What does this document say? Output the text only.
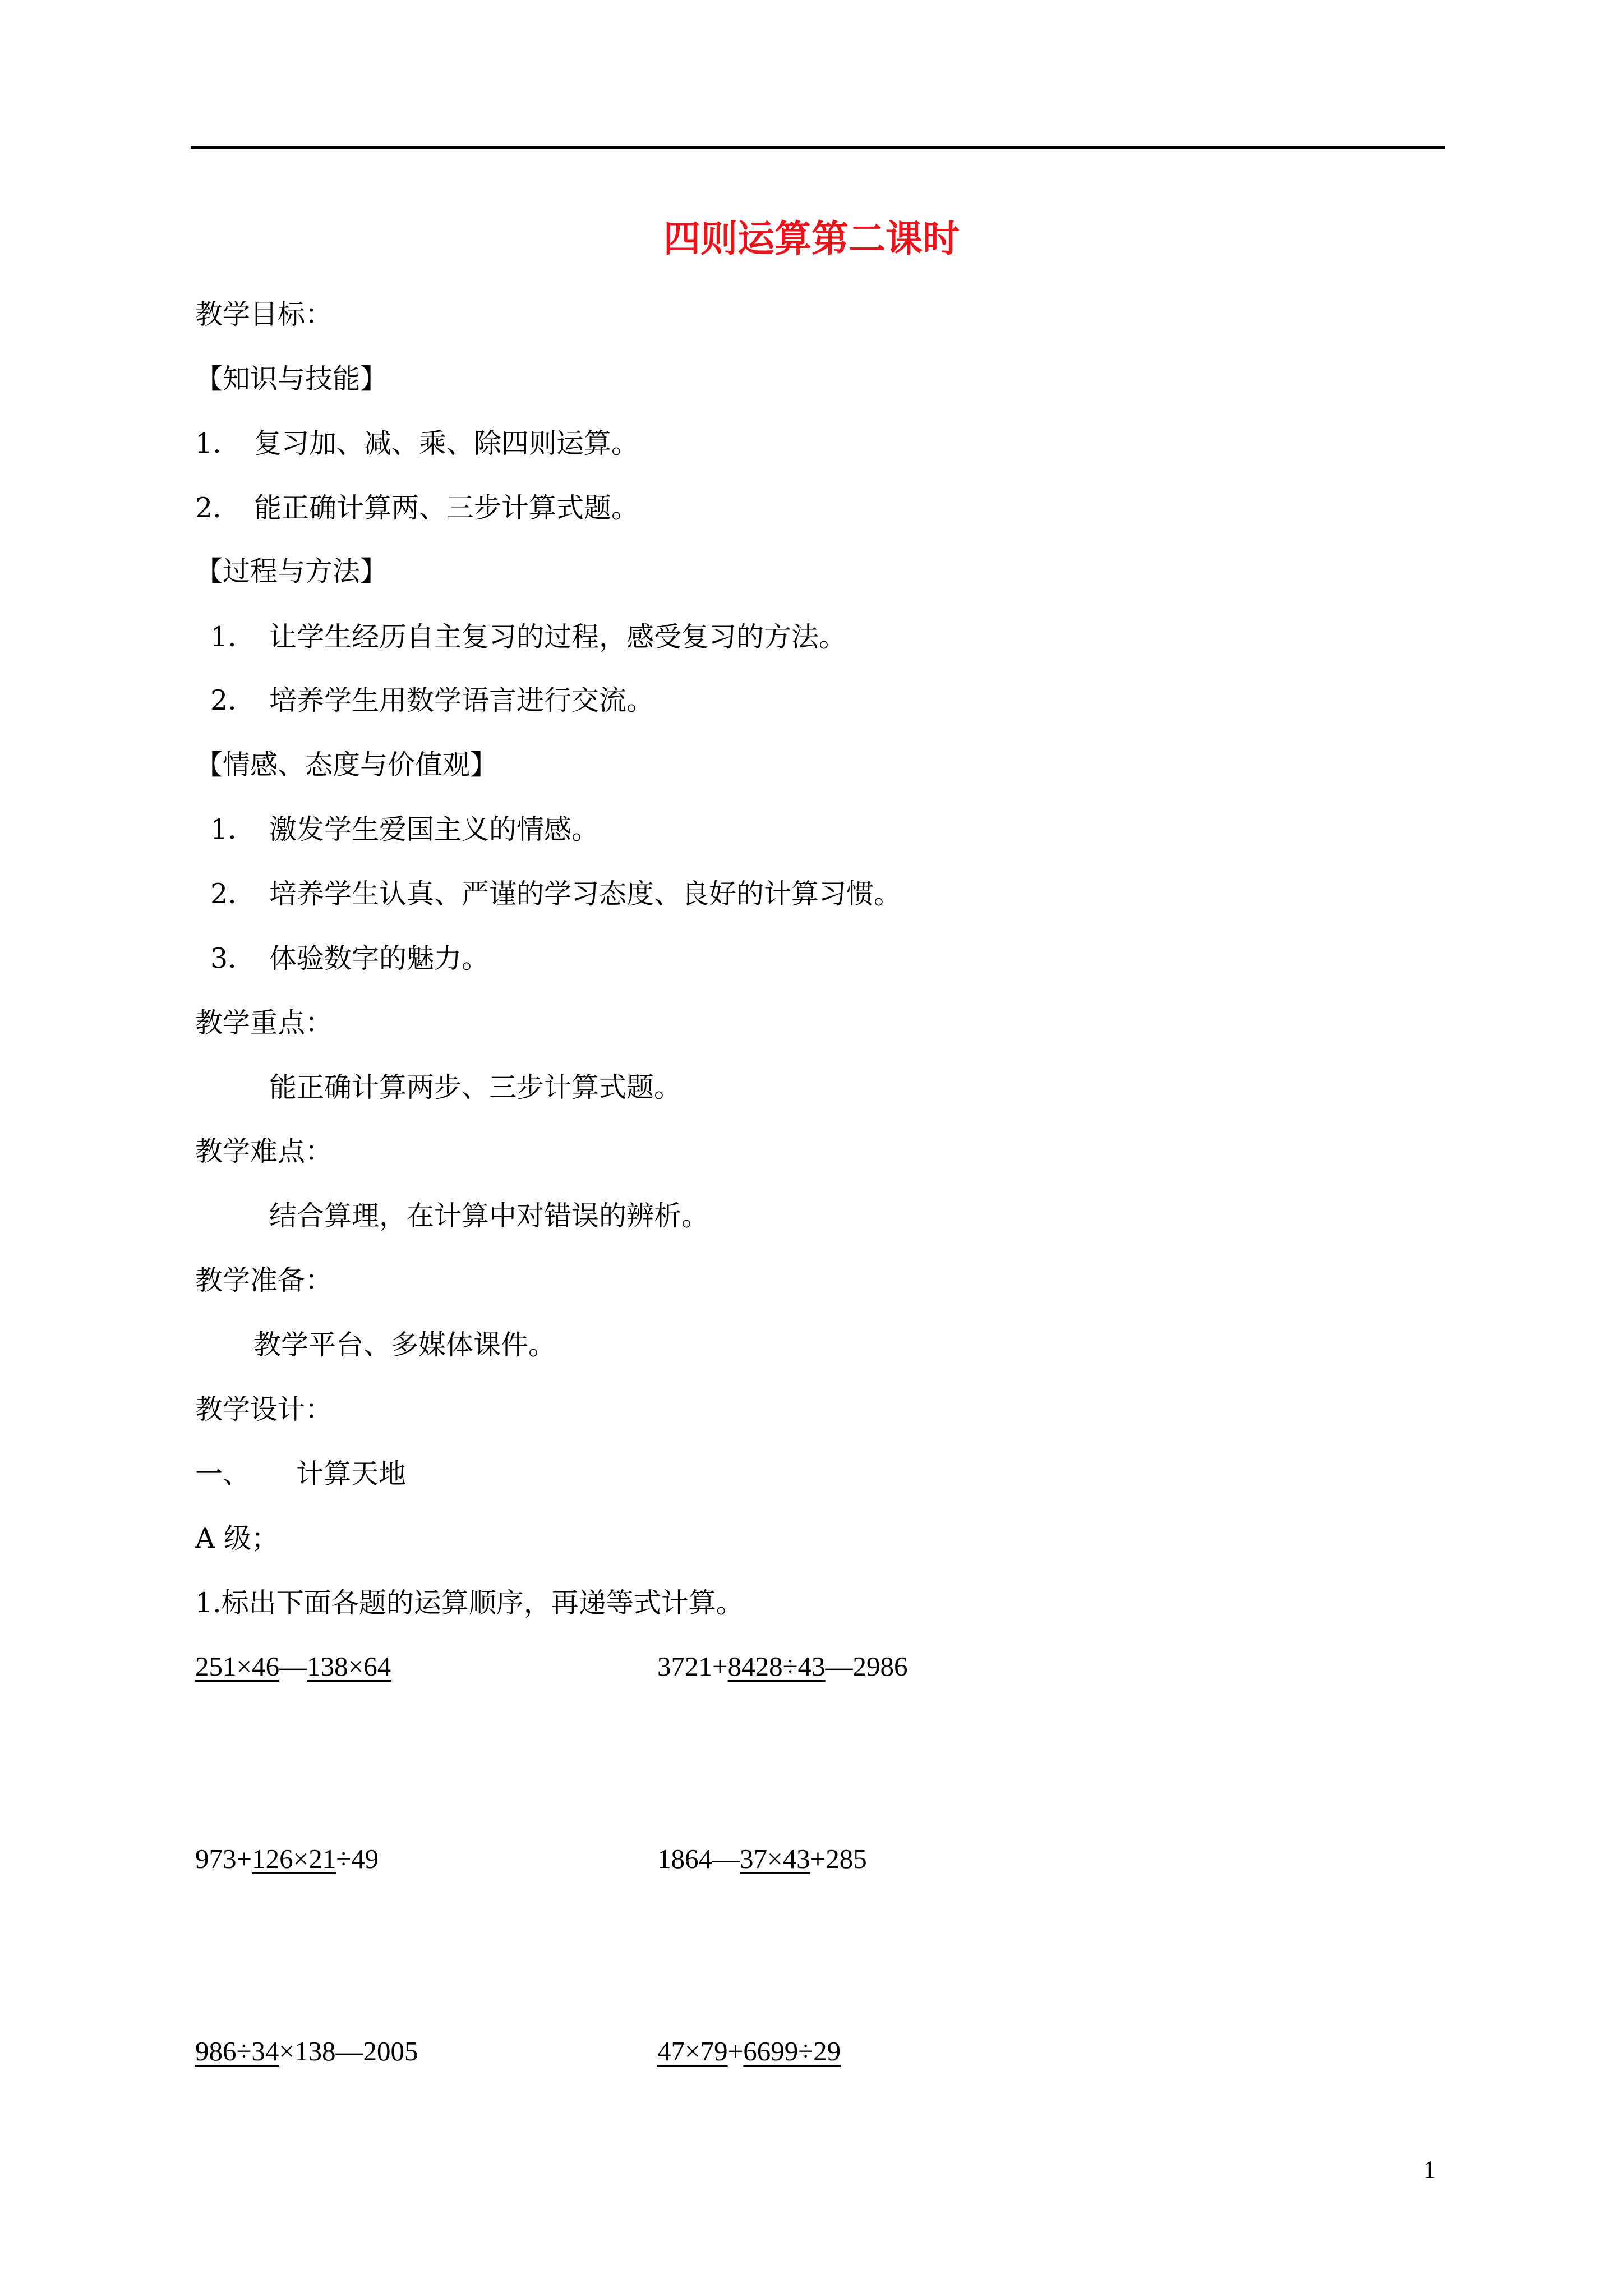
四则运算第二课时
教学目标：
【知识与技能】
1. 复习加、减、乘、除四则运算。
2. 能正确计算两、三步计算式题。
【过程与方法】
1. 让学生经历自主复习的过程，感受复习的方法。
2. 培养学生用数学语言进行交流。
【情感、态度与价值观】
1. 激发学生爱国主义的情感。
2. 培养学生认真、严谨的学习态度、良好的计算习惯。
3. 体验数字的魅力。
教学重点：
能正确计算两步、三步计算式题。
教学难点：
结合算理，在计算中对错误的辨析。
教学准备：
教学平台、多媒体课件。
教学设计：
一、 计算天地
A 级；
1.标出下面各题的运算顺序，再递等式计算。
251×46—138×64	3721+8428÷43—2986
973+126×21÷49	1864—37×43+285
986÷34×138—2005	47×79+6699÷29
1
